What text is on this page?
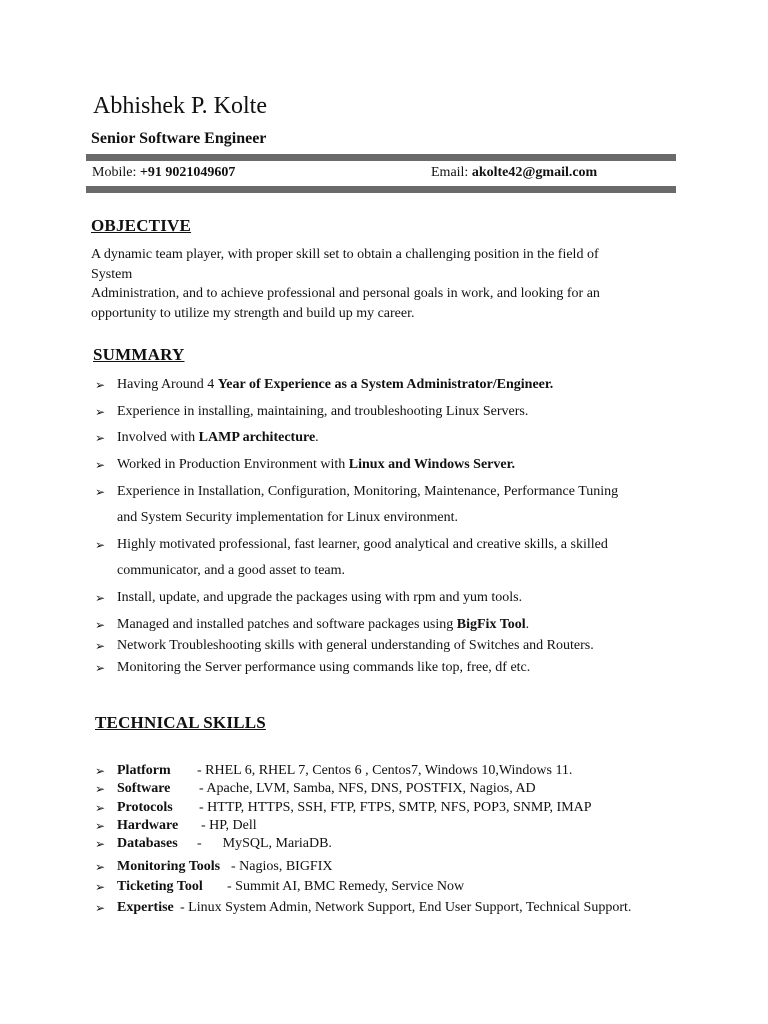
Abhishek P. Kolte
Senior Software Engineer
Mobile: +91 9021049607	Email: akolte42@gmail.com
OBJECTIVE
A dynamic team player, with proper skill set to obtain a challenging position in the field of
System
Administration, and to achieve professional and personal goals in work, and looking for an
opportunity to utilize my strength and build up my career.
SUMMARY
➢ Having Around 4 Year of Experience as a System Administrator/Engineer.
➢ Experience in installing, maintaining, and troubleshooting Linux Servers.
➢ Involved with LAMP architecture.
➢ Worked in Production Environment with Linux and Windows Server.
➢ Experience in Installation, Configuration, Monitoring, Maintenance, Performance Tuning
and System Security implementation for Linux environment.
➢ Highly motivated professional, fast learner, good analytical and creative skills, a skilled
communicator, and a good asset to team.
➢ Install, update, and upgrade the packages using with rpm and yum tools.
➢ Managed and installed patches and software packages using BigFix Tool.
➢ Network Troubleshooting skills with general understanding of Switches and Routers.
➢ Monitoring the Server performance using commands like top, free, df etc.
TECHNICAL SKILLS
➢ Platform - RHEL 6, RHEL 7, Centos 6 , Centos7, Windows 10,Windows 11.
➢ Software - Apache, LVM, Samba, NFS, DNS, POSTFIX, Nagios, AD
➢ Protocols - HTTP, HTTPS, SSH, FTP, FTPS, SMTP, NFS, POP3, SNMP, IMAP
➢ Hardware - HP, Dell
➢ Databases -      MySQL, MariaDB.
➢ Monitoring Tools - Nagios, BIGFIX
➢ Ticketing Tool - Summit AI, BMC Remedy, Service Now
➢ Expertise - Linux System Admin, Network Support, End User Support, Technical Support.
